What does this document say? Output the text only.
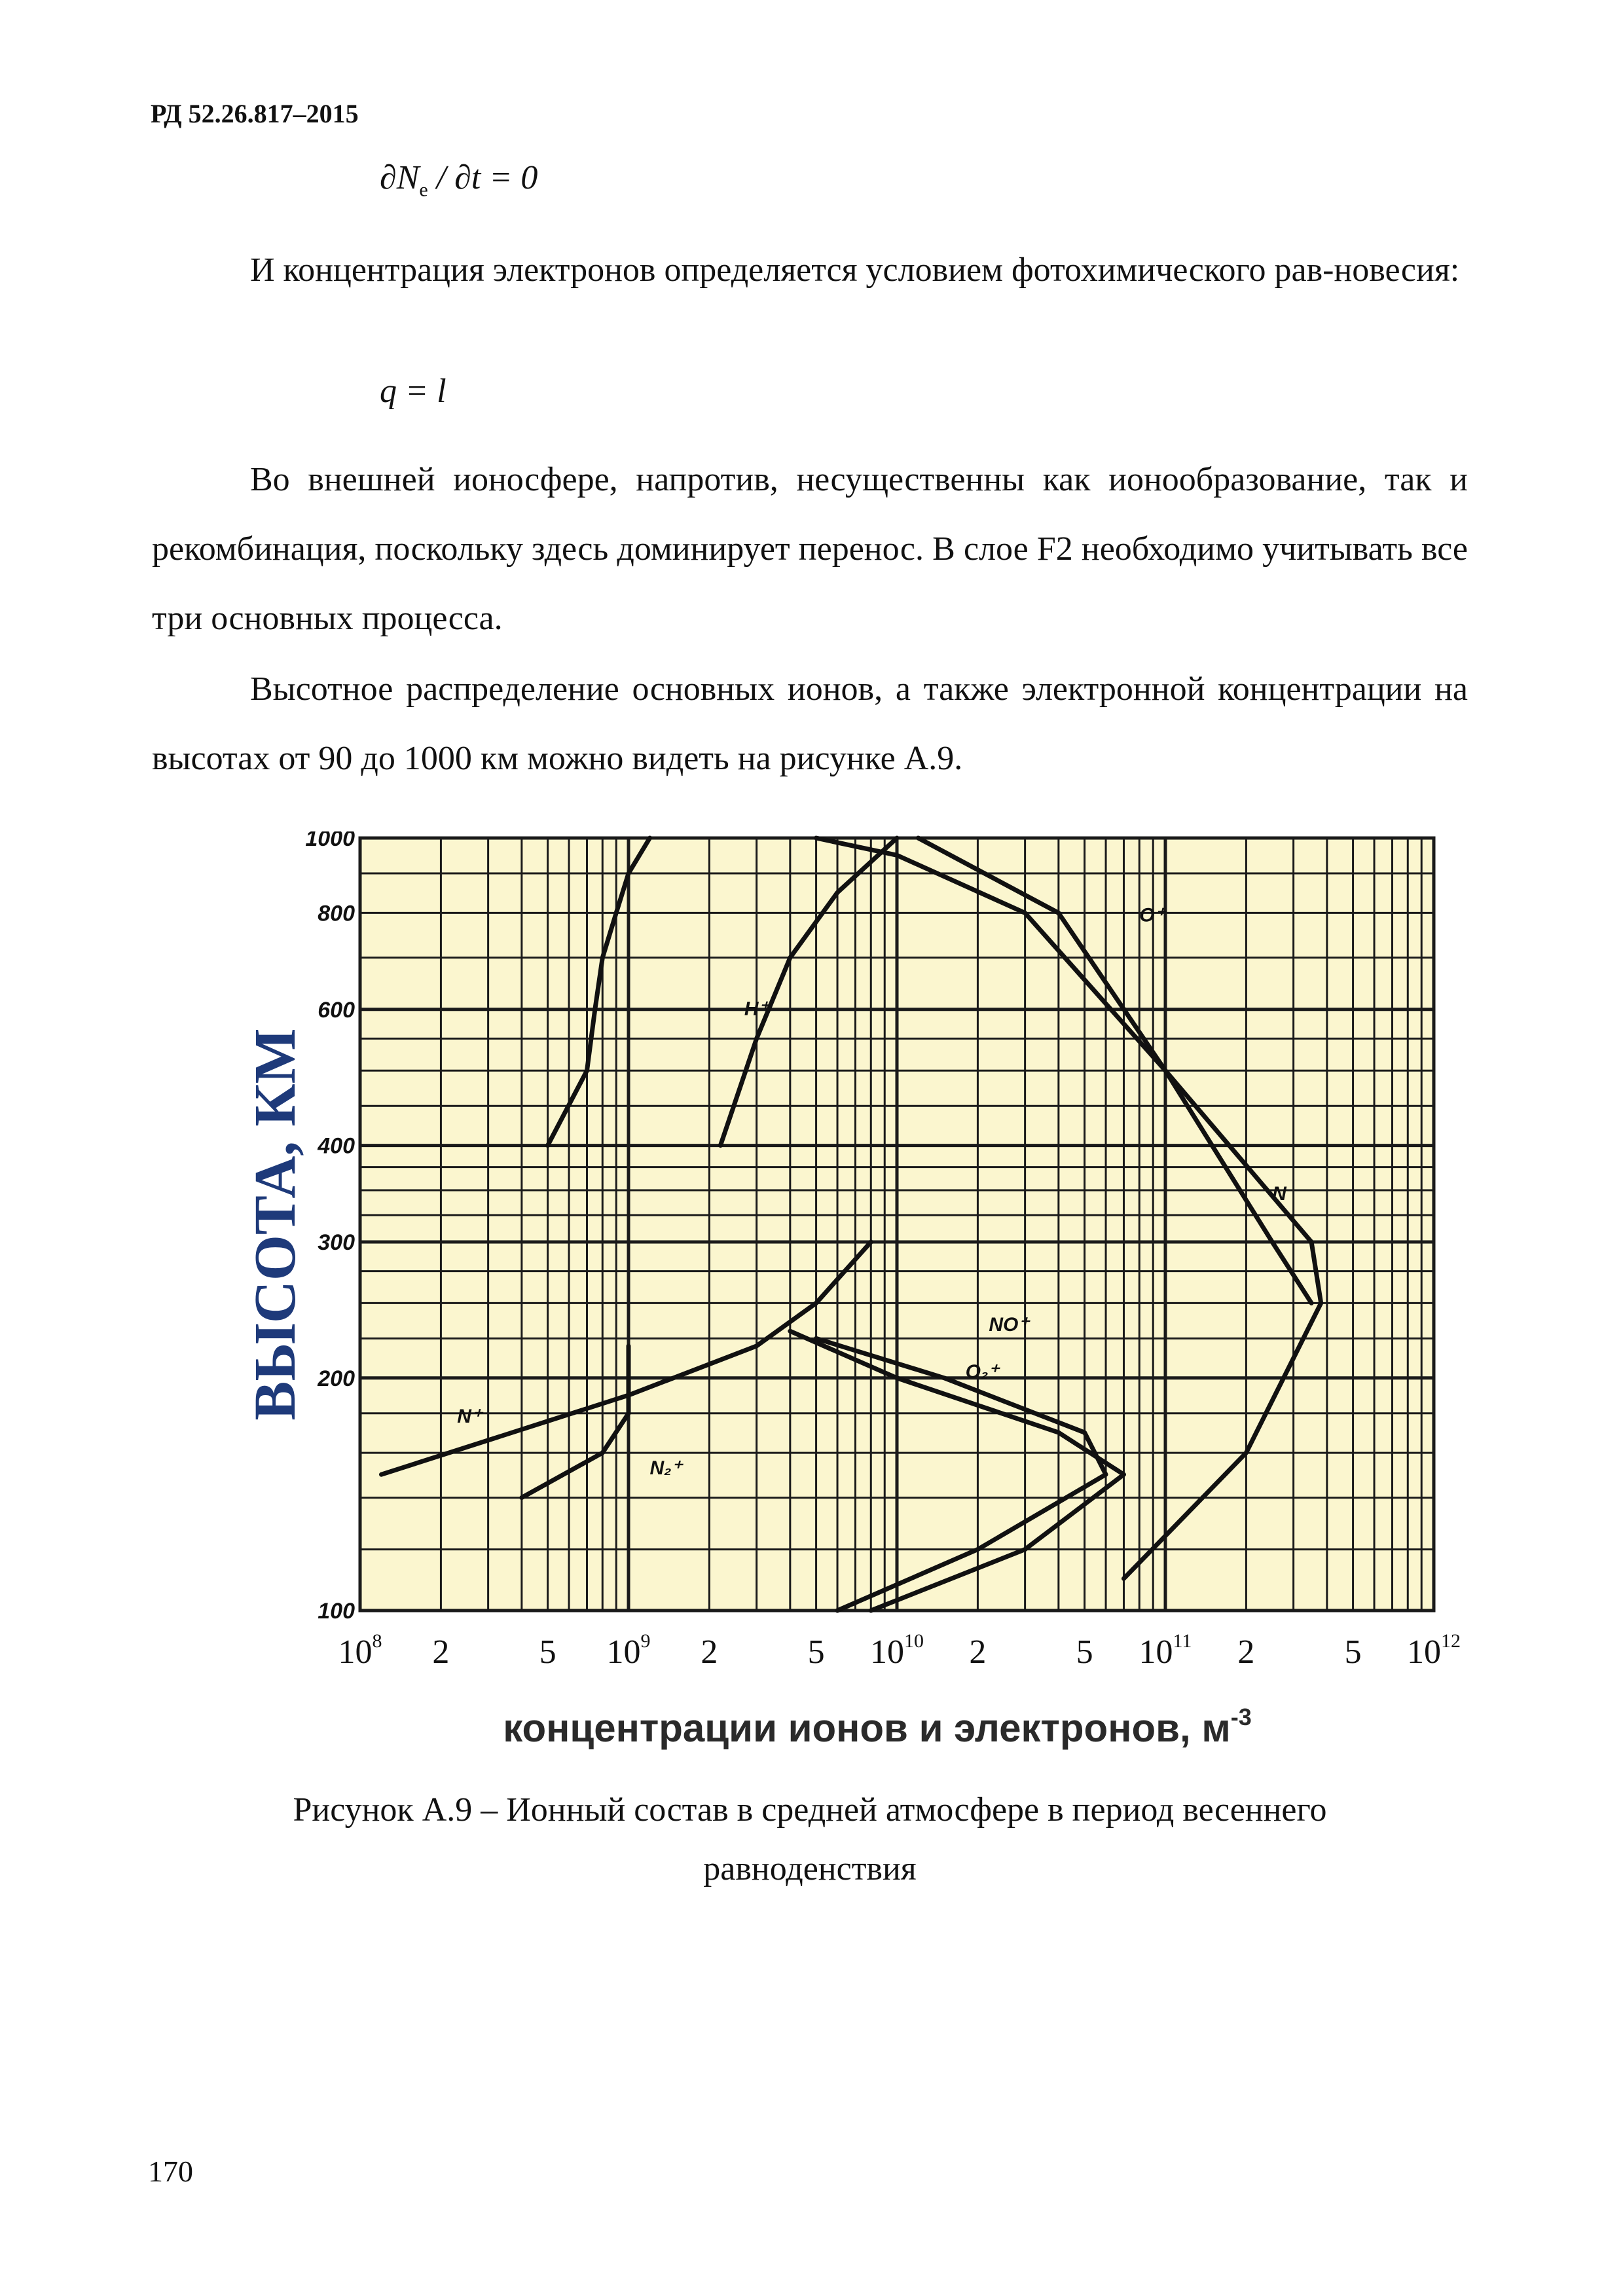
РД 52.26.817–2015
$\partial N_e / \partial t = 0$
И концентрация электронов определяется условием фотохимического рав-новесия:
q = l
Во внешней ионосфере, напротив, несущественны как ионообразование, так и рекомбинация, поскольку здесь доминирует перенос. В слое F2 необходимо учитывать все три основных процесса.
Высотное распределение основных ионов, а также электронной концентрации на высотах от 90 до 1000 км можно видеть на рисунке А.9.
H⁺
O⁺
N
NO⁺
O₂⁺
N⁺
N₂⁺
1000
800
600
400
300
200
100
$10^8$ 2	5 $10^9$ 2	5 $10^{10}$ 2	5 $10^{11}$ 2	5 $10^{12}$
ВЫСОТА, КМ
концентрации ионов и электронов, $м^{-3}$
Рисунок А.9 – Ионный состав в средней атмосфере в период весеннего
равноденствия
170
